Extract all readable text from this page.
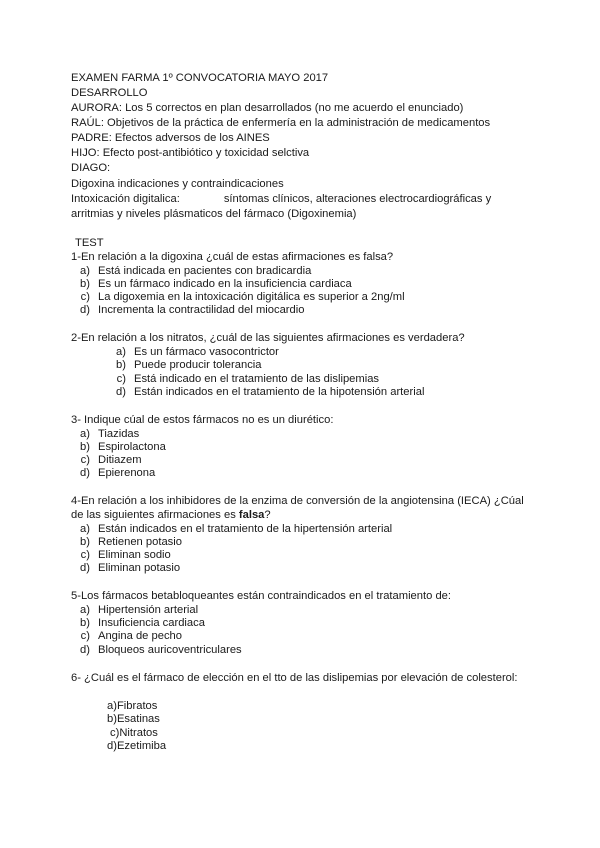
EXAMEN FARMA 1º CONVOCATORIA MAYO 2017
DESARROLLO
AURORA: Los 5 correctos en plan desarrollados (no me acuerdo el enunciado)
RAÚL: Objetivos de la práctica de enfermería en la administración de medicamentos
PADRE: Efectos adversos de los AINES
HIJO: Efecto post-antibiótico y toxicidad selctiva
DIAGO:
Digoxina indicaciones y contraindicaciones
Intoxicación digitalica:	síntomas clínicos, alteraciones electrocardiográficas y
arritmias y niveles plásmaticos del fármaco (Digoxinemia)
TEST
1-En relación a la digoxina ¿cuál de estas afirmaciones es falsa?
a) Está indicada en pacientes con bradicardia
b) Es un fármaco indicado en la insuficiencia cardiaca
c) La digoxemia en la intoxicación digitálica es superior a 2ng/ml
d) Incrementa la contractilidad del miocardio
2-En relación a los nitratos, ¿cuál de las siguientes afirmaciones es verdadera?
a) Es un fármaco vasocontrictor
b) Puede producir tolerancia
c) Está indicado en el tratamiento de las dislipemias
d) Están indicados en el tratamiento de la hipotensión arterial
3- Indique cúal de estos fármacos no es un diurético:
a) Tiazidas
b) Espirolactona
c) Ditiazem
d) Epierenona
4-En relación a los inhibidores de la enzima de conversión de la angiotensina (IECA) ¿Cúal
de las siguientes afirmaciones es falsa?
a) Están indicados en el tratamiento de la hipertensión arterial
b) Retienen potasio
c) Eliminan sodio
d) Eliminan potasio
5-Los fármacos betabloqueantes están contraindicados en el tratamiento de:
a) Hipertensión arterial
b) Insuficiencia cardiaca
c) Angina de pecho
d) Bloqueos auricoventriculares
6- ¿Cuál es el fármaco de elección en el tto de las dislipemias por elevación de colesterol:
a)Fibratos
b)Esatinas
c)Nitratos
d)Ezetimiba
